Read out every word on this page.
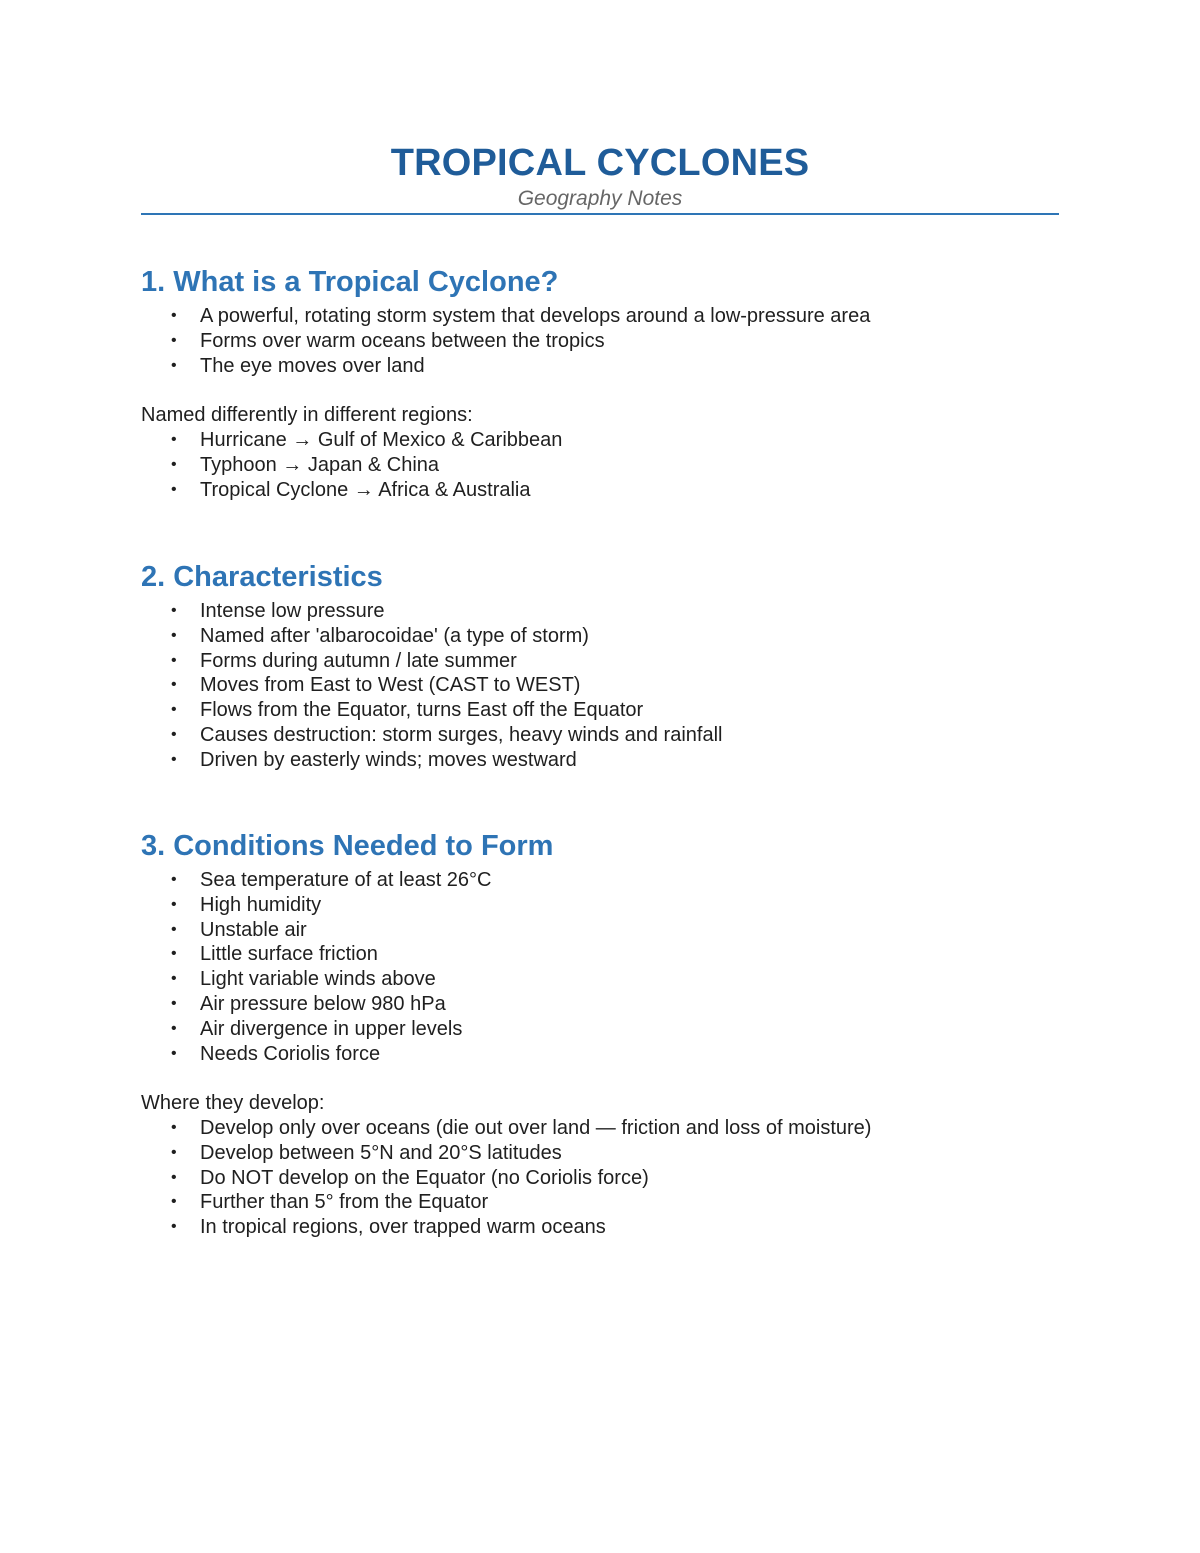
TROPICAL CYCLONES

Geography Notes

1. What is a Tropical Cyclone?
• A powerful, rotating storm system that develops around a low-pressure area
• Forms over warm oceans between the tropics
• The eye moves over land

Named differently in different regions:

• Hurricane → Gulf of Mexico & Caribbean
• Typhoon → Japan & China
• Tropical Cyclone → Africa & Australia
2. Characteristics
• Intense low pressure
• Named after 'albarocoidae' (a type of storm)
• Forms during autumn / late summer
• Moves from East to West (CAST to WEST)
• Flows from the Equator, turns East off the Equator
• Causes destruction: storm surges, heavy winds and rainfall
• Driven by easterly winds; moves westward
3. Conditions Needed to Form
• Sea temperature of at least 26°C
• High humidity
• Unstable air
• Little surface friction
• Light variable winds above
• Air pressure below 980 hPa
• Air divergence in upper levels
• Needs Coriolis force

Where they develop:

• Develop only over oceans (die out over land — friction and loss of moisture)
• Develop between 5°N and 20°S latitudes
• Do NOT develop on the Equator (no Coriolis force)
• Further than 5° from the Equator
• In tropical regions, over trapped warm oceans
